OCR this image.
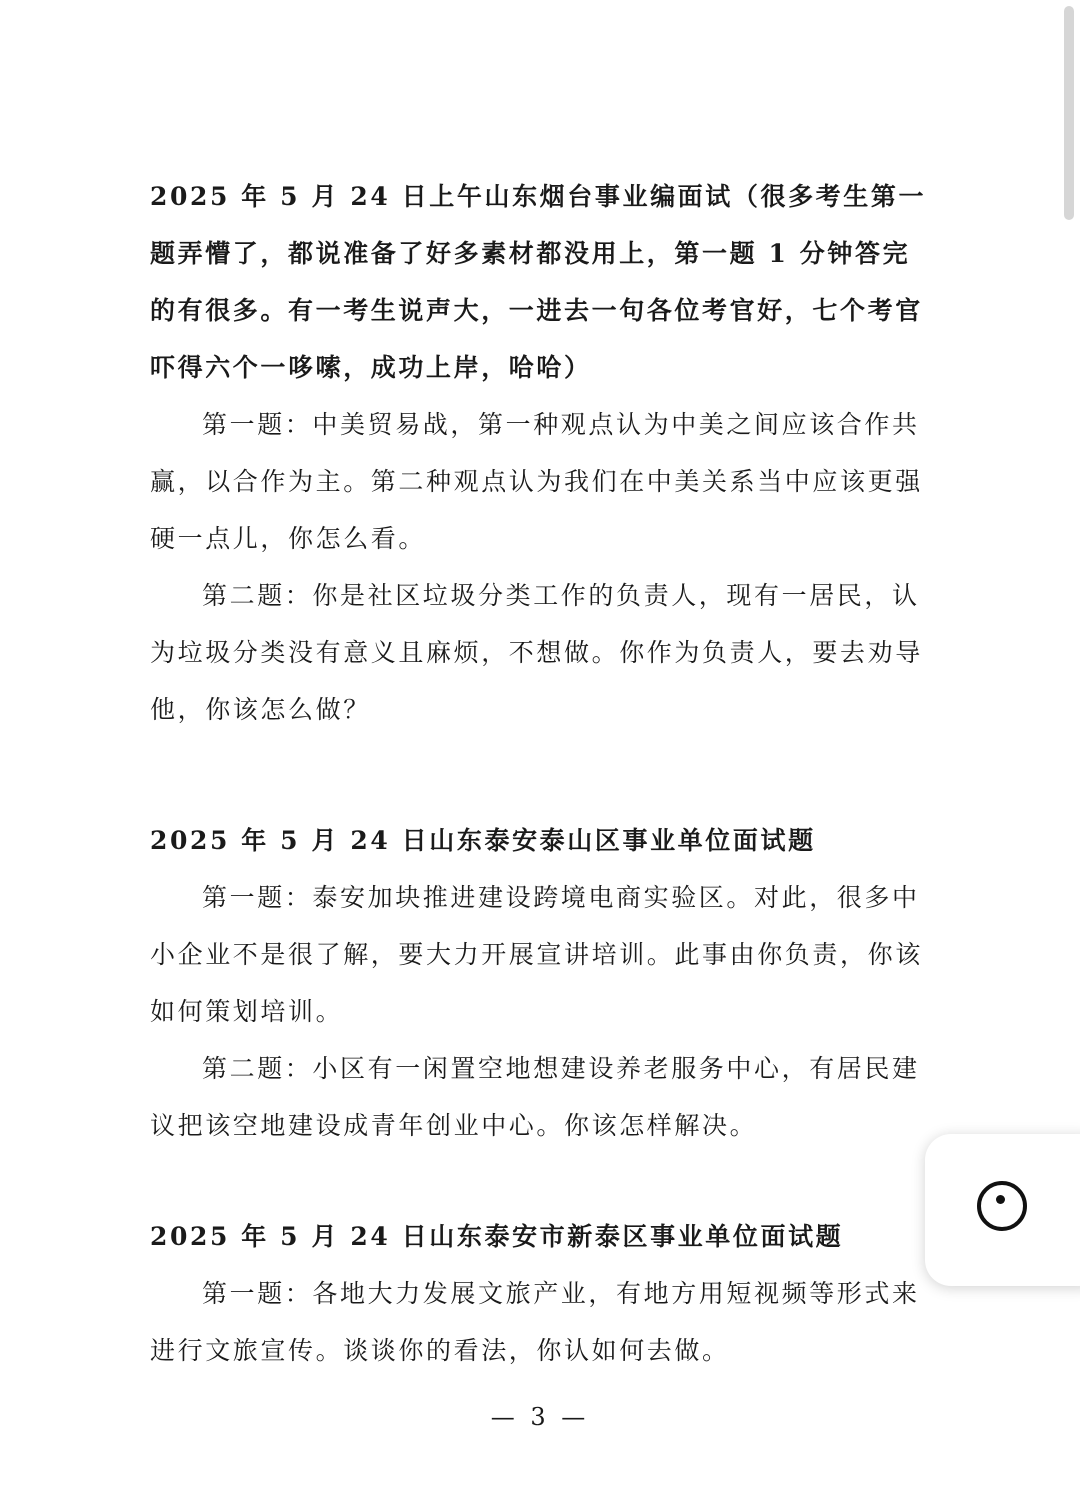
2025 年 5 月 24 日上午山东烟台事业编面试（很多考生第一题弄懵了，都说准备了好多素材都没用上，第一题 1 分钟答完的有很多。有一考生说声大，一进去一句各位考官好，七个考官吓得六个一哆嗦，成功上岸，哈哈）

第一题：中美贸易战，第一种观点认为中美之间应该合作共赢，以合作为主。第二种观点认为我们在中美关系当中应该更强硬一点儿，你怎么看。

第二题：你是社区垃圾分类工作的负责人，现有一居民，认为垃圾分类没有意义且麻烦，不想做。你作为负责人，要去劝导他，你该怎么做？

2025 年 5 月 24 日山东泰安泰山区事业单位面试题

第一题：泰安加块推进建设跨境电商实验区。对此，很多中小企业不是很了解，要大力开展宣讲培训。此事由你负责，你该如何策划培训。

第二题：小区有一闲置空地想建设养老服务中心，有居民建议把该空地建设成青年创业中心。你该怎样解决。

2025 年 5 月 24 日山东泰安市新泰区事业单位面试题

第一题：各地大力发展文旅产业，有地方用短视频等形式来进行文旅宣传。谈谈你的看法，你认如何去做。

— 3 —
